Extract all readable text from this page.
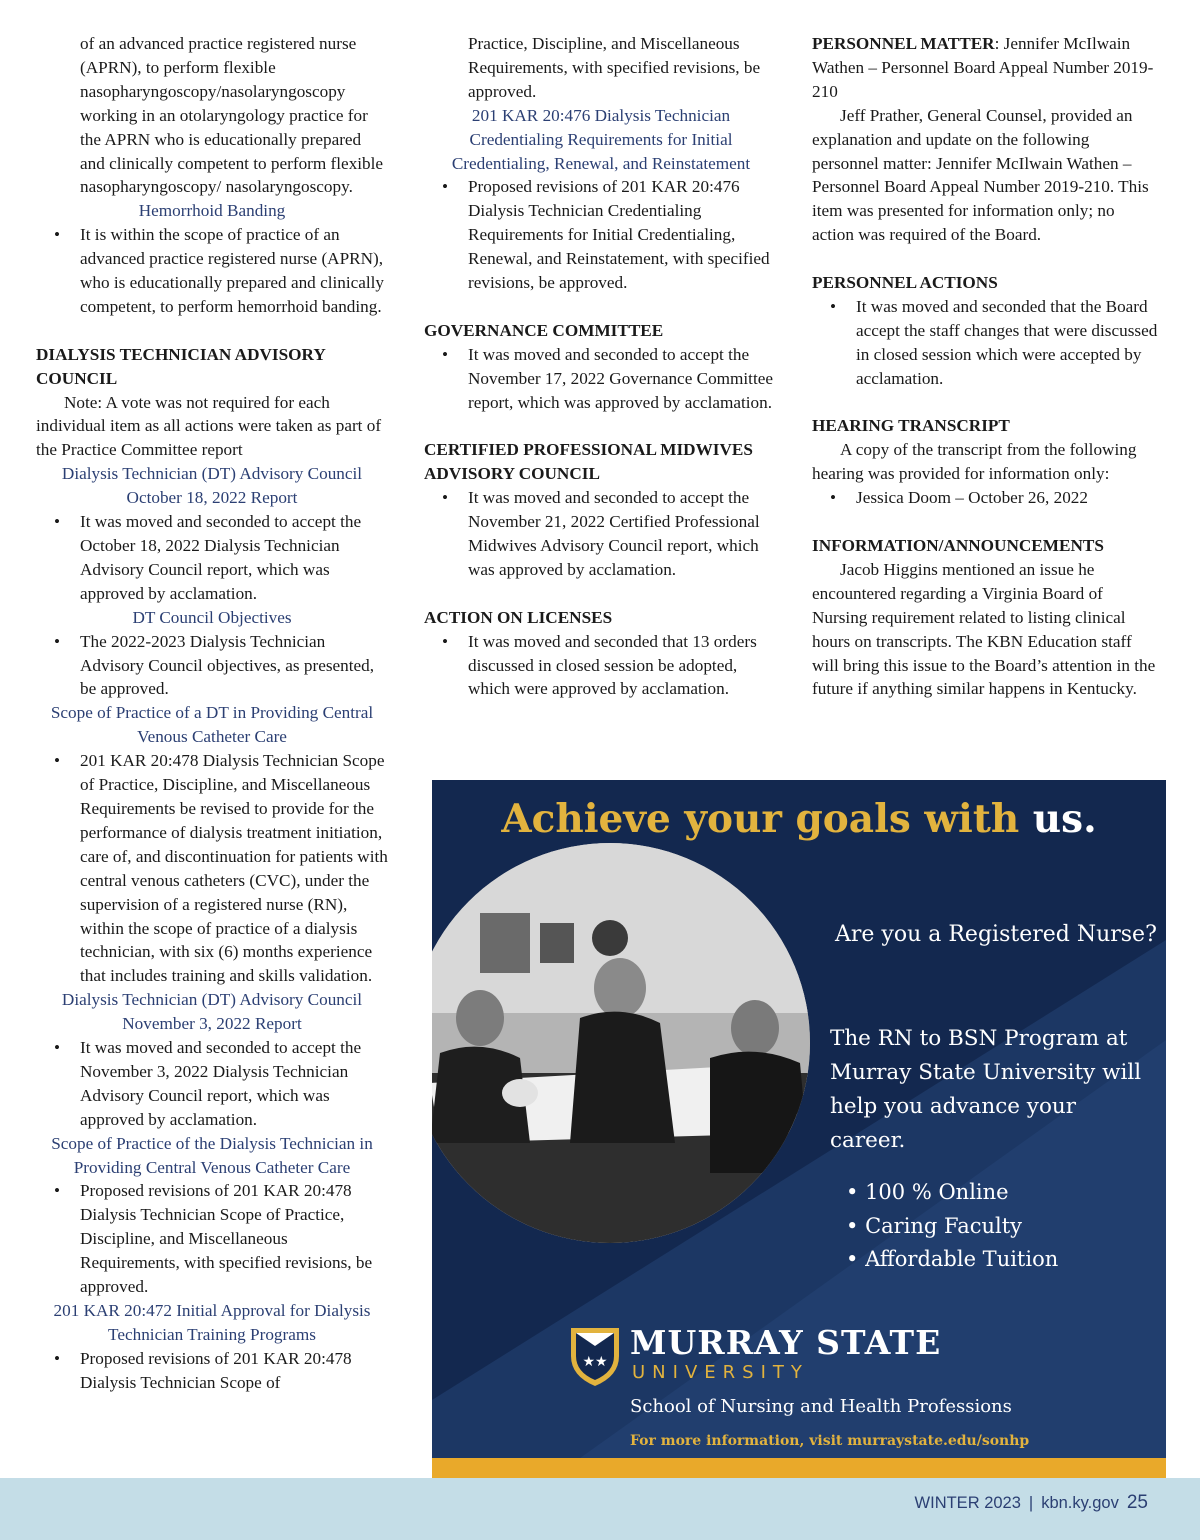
of an advanced practice registered nurse (APRN), to perform flexible nasopharyngoscopy/nasolaryngoscopy working in an otolaryngology practice for the APRN who is educationally prepared and clinically competent to perform flexible nasopharyngoscopy/ nasolaryngoscopy.
Hemorrhoid Banding
• It is within the scope of practice of an advanced practice registered nurse (APRN), who is educationally prepared and clinically competent, to perform hemorrhoid banding.
DIALYSIS TECHNICIAN ADVISORY COUNCIL
Note: A vote was not required for each individual item as all actions were taken as part of the Practice Committee report
Dialysis Technician (DT) Advisory Council October 18, 2022 Report
• It was moved and seconded to accept the October 18, 2022 Dialysis Technician Advisory Council report, which was approved by acclamation.
DT Council Objectives
• The 2022-2023 Dialysis Technician Advisory Council objectives, as presented, be approved.
Scope of Practice of a DT in Providing Central Venous Catheter Care
• 201 KAR 20:478 Dialysis Technician Scope of Practice, Discipline, and Miscellaneous Requirements be revised to provide for the performance of dialysis treatment initiation, care of, and discontinuation for patients with central venous catheters (CVC), under the supervision of a registered nurse (RN), within the scope of practice of a dialysis technician, with six (6) months experience that includes training and skills validation.
Dialysis Technician (DT) Advisory Council November 3, 2022 Report
• It was moved and seconded to accept the November 3, 2022 Dialysis Technician Advisory Council report, which was approved by acclamation.
Scope of Practice of the Dialysis Technician in Providing Central Venous Catheter Care
• Proposed revisions of 201 KAR 20:478 Dialysis Technician Scope of Practice, Discipline, and Miscellaneous Requirements, with specified revisions, be approved.
201 KAR 20:472 Initial Approval for Dialysis Technician Training Programs
• Proposed revisions of 201 KAR 20:478 Dialysis Technician Scope of
Practice, Discipline, and Miscellaneous Requirements, with specified revisions, be approved.
201 KAR 20:476 Dialysis Technician Credentialing Requirements for Initial Credentialing, Renewal, and Reinstatement
• Proposed revisions of 201 KAR 20:476 Dialysis Technician Credentialing Requirements for Initial Credentialing, Renewal, and Reinstatement, with specified revisions, be approved.
GOVERNANCE COMMITTEE
• It was moved and seconded to accept the November 17, 2022 Governance Committee report, which was approved by acclamation.
CERTIFIED PROFESSIONAL MIDWIVES ADVISORY COUNCIL
• It was moved and seconded to accept the November 21, 2022 Certified Professional Midwives Advisory Council report, which was approved by acclamation.
ACTION ON LICENSES
• It was moved and seconded that 13 orders discussed in closed session be adopted, which were approved by acclamation.
PERSONNEL MATTER: Jennifer McIlwain Wathen – Personnel Board Appeal Number 2019-210
Jeff Prather, General Counsel, provided an explanation and update on the following personnel matter: Jennifer McIlwain Wathen – Personnel Board Appeal Number 2019-210. This item was presented for information only; no action was required of the Board.
PERSONNEL ACTIONS
• It was moved and seconded that the Board accept the staff changes that were discussed in closed session which were accepted by acclamation.
HEARING TRANSCRIPT
A copy of the transcript from the following hearing was provided for information only:
• Jessica Doom – October 26, 2022
INFORMATION/ANNOUNCEMENTS
Jacob Higgins mentioned an issue he encountered regarding a Virginia Board of Nursing requirement related to listing clinical hours on transcripts. The KBN Education staff will bring this issue to the Board’s attention in the future if anything similar happens in Kentucky.
Achieve your goals with us.
Are you a Registered Nurse?
The RN to BSN Program at Murray State University will help you advance your career.
• 100 % Online
• Caring Faculty
• Affordable Tuition
★★ MURRAY STATE
UNIVERSITY
School of Nursing and Health Professions
For more information, visit murraystate.edu/sonhp
WINTER 2023 | kbn.ky.gov 25
